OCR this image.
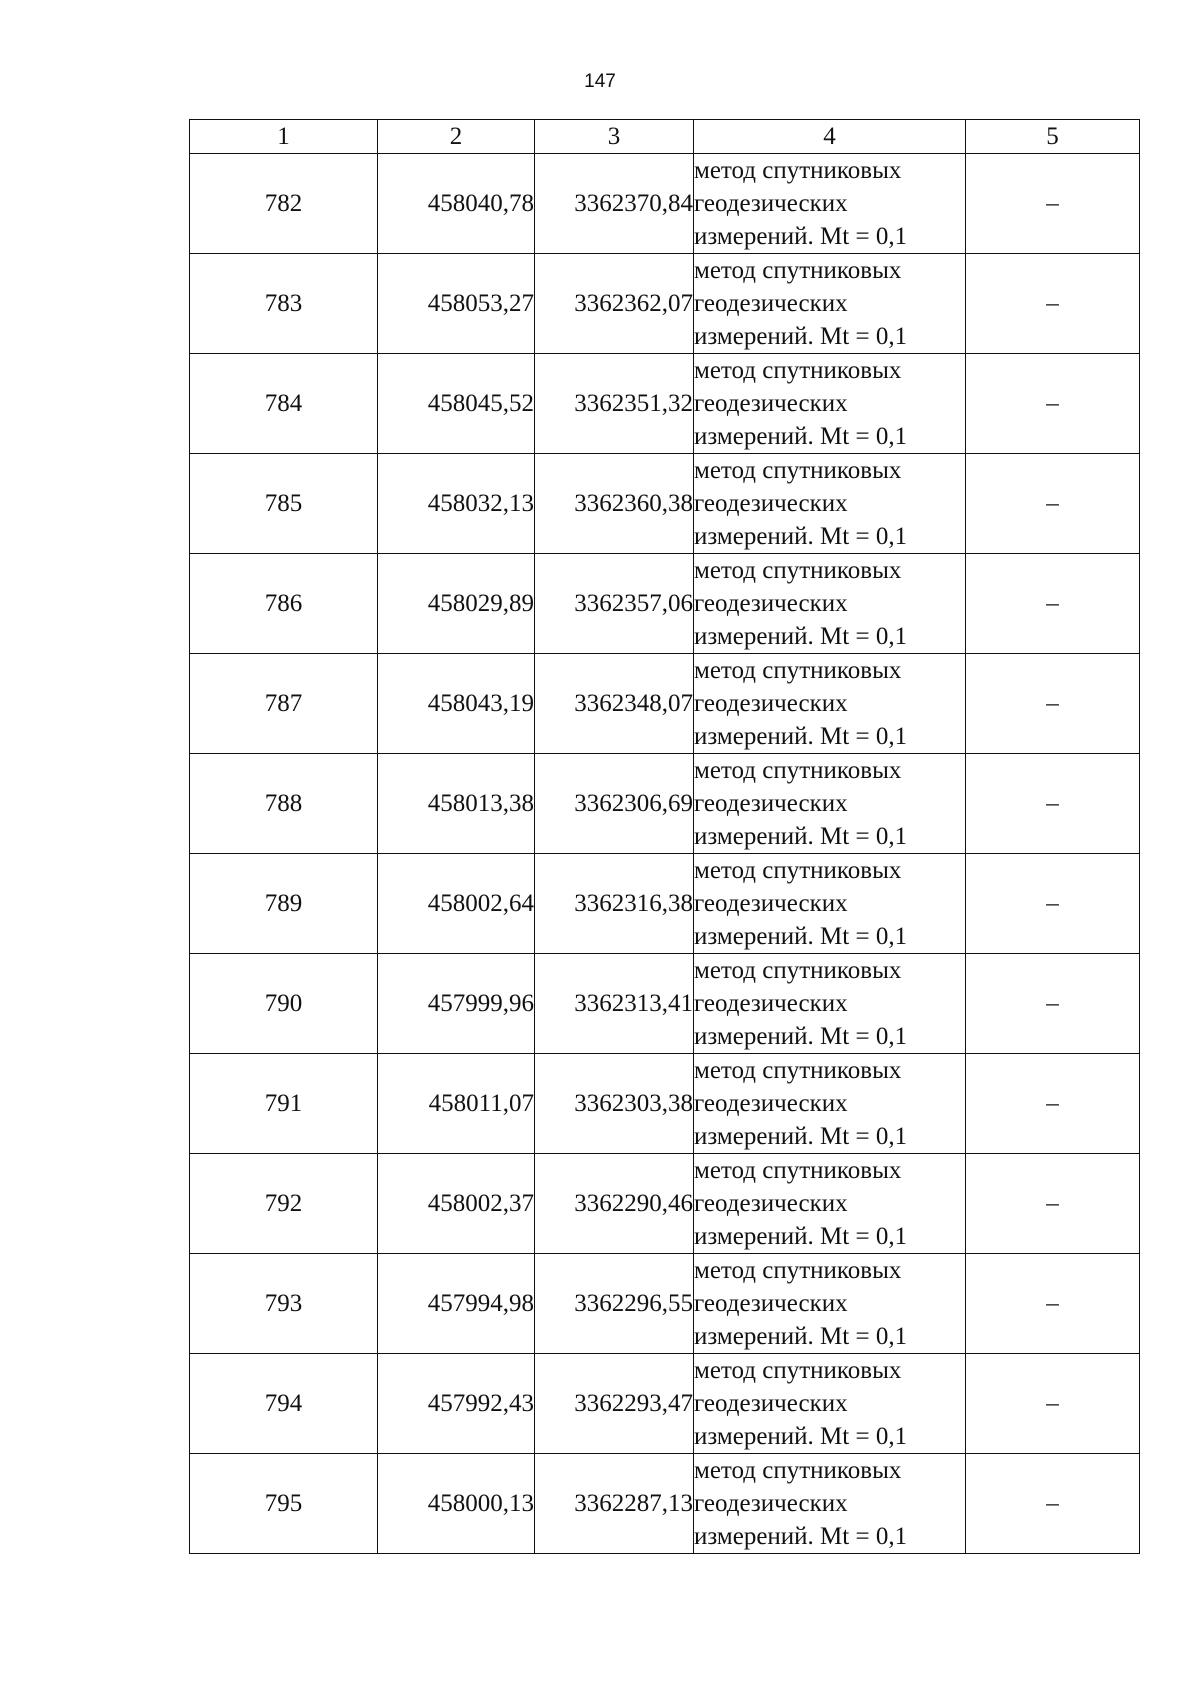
147
1	2	3	4	5
782	458040,78	3362370,84	метод спутниковых
геодезических
измерений. Mt = 0,1	–
783	458053,27	3362362,07	метод спутниковых
геодезических
измерений. Mt = 0,1	–
784	458045,52	3362351,32	метод спутниковых
геодезических
измерений. Mt = 0,1	–
785	458032,13	3362360,38	метод спутниковых
геодезических
измерений. Mt = 0,1	–
786	458029,89	3362357,06	метод спутниковых
геодезических
измерений. Mt = 0,1	–
787	458043,19	3362348,07	метод спутниковых
геодезических
измерений. Mt = 0,1	–
788	458013,38	3362306,69	метод спутниковых
геодезических
измерений. Mt = 0,1	–
789	458002,64	3362316,38	метод спутниковых
геодезических
измерений. Mt = 0,1	–
790	457999,96	3362313,41	метод спутниковых
геодезических
измерений. Mt = 0,1	–
791	458011,07	3362303,38	метод спутниковых
геодезических
измерений. Mt = 0,1	–
792	458002,37	3362290,46	метод спутниковых
геодезических
измерений. Mt = 0,1	–
793	457994,98	3362296,55	метод спутниковых
геодезических
измерений. Mt = 0,1	–
794	457992,43	3362293,47	метод спутниковых
геодезических
измерений. Mt = 0,1	–
795	458000,13	3362287,13	метод спутниковых
геодезических
измерений. Mt = 0,1	–
